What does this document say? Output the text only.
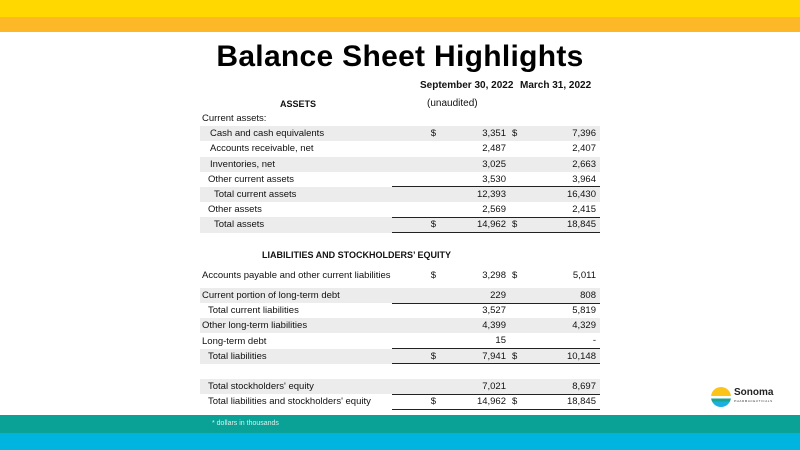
Balance Sheet Highlights
September 30, 2022 March 31, 2022
ASSETS	(unaudited)
Current assets:				
Cash and cash equivalents	$	3,351	$	7,396
Accounts receivable, net		2,487		2,407
Inventories, net		3,025		2,663
Other current assets		3,530		3,964
Total current assets		12,393		16,430
Other assets		2,569		2,415
Total assets	$	14,962	$	18,845

LIABILITIES AND STOCKHOLDERS’ EQUITY				
Accounts payable and other current liabilities	$	3,298	$	5,011
Current portion of long-term debt		229		808
Total current liabilities		3,527		5,819
Other long-term liabilities		4,399		4,329
Long-term debt		15		-
Total liabilities	$	7,941	$	10,148

Total stockholders' equity		7,021		8,697
Total liabilities and stockholders' equity	$	14,962	$	18,845
* dollars in thousands
Sonoma
PHARMACEUTICALS
